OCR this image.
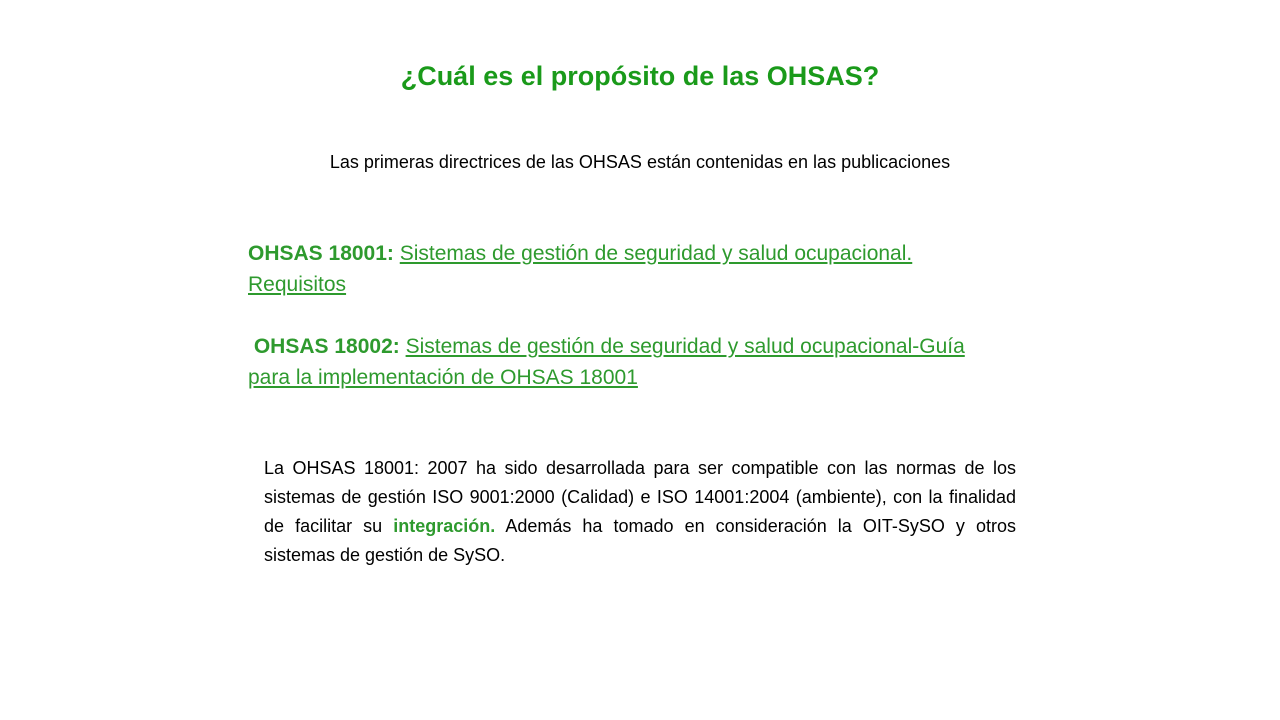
¿Cuál es el propósito de las OHSAS?
Las primeras directrices de las OHSAS están contenidas en las publicaciones

OHSAS 18001: Sistemas de gestión de seguridad y salud ocupacional. Requisitos

OHSAS 18002: Sistemas de gestión de seguridad y salud ocupacional-Guía para la implementación de OHSAS 18001

La OHSAS 18001: 2007 ha sido desarrollada para ser compatible con las normas de los sistemas de gestión ISO 9001:2000 (Calidad) e ISO 14001:2004 (ambiente), con la finalidad de facilitar su integración. Además ha tomado en consideración la OIT-SySO y otros sistemas de gestión de SySO.
